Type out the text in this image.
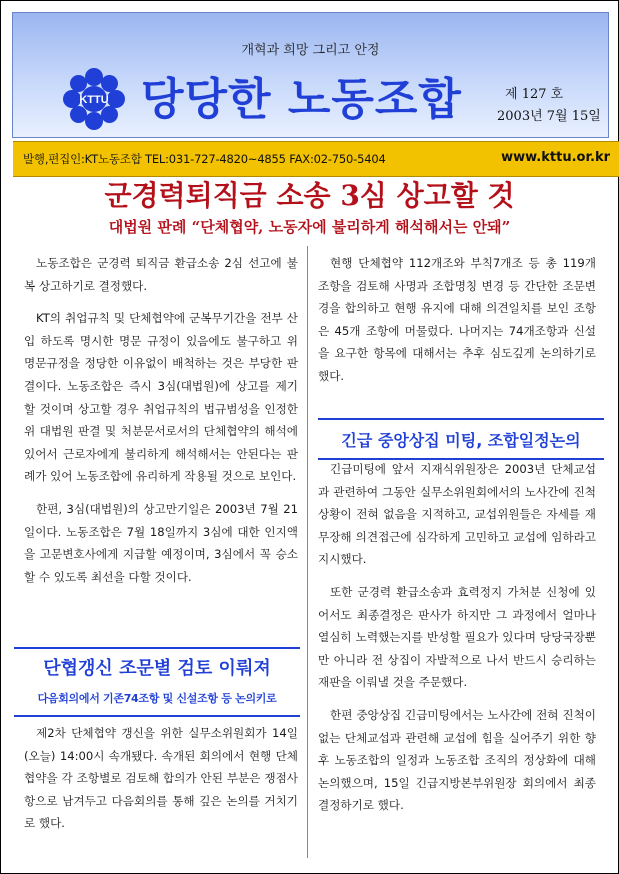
개혁과 희망 그리고 안정
KTTU 당당한 노동조합	제 127 호
2003년 7월 15일
발행,편집인:KT노동조합 TEL:031-727-4820~4855 FAX:02-750-5404	www.kttu.or.kr
군경력퇴직금 소송 3심 상고할 것
대법원 판례 “단체협약, 노동자에 불리하게 해석해서는 안돼”

노동조합은 군경력 퇴직금 환급소송 2심 선고에 불복 상고하기로 결정했다.

KT의 취업규칙 및 단체협약에 군복무기간을 전부 산입 하도록 명시한 명문 규정이 있음에도 불구하고 위 명문규정을 정당한 이유없이 배척하는 것은 부당한 판결이다. 노동조합은 즉시 3심(대법원)에 상고를 제기 할 것이며 상고할 경우 취업규칙의 법규범성을 인정한 위 대법원 판결 및 처분문서로서의 단체협약의 해석에 있어서 근로자에게 불리하게 해석해서는 안된다는 판례가 있어 노동조합에 유리하게 작용될 것으로 보인다.

한편, 3심(대법원)의 상고만기일은 2003년 7월 21일이다. 노동조합은 7월 18일까지 3심에 대한 인지액을 고문변호사에게 지급할 예정이며, 3심에서 꼭 승소할 수 있도록 최선을 다할 것이다.

단협갱신 조문별 검토 이뤄져
다음회의에서 기존74조항 및 신설조항 등 논의키로

제2차 단체협약 갱신을 위한 실무소위원회가 14일(오늘) 14:00시 속개됐다. 속개된 회의에서 현행 단체협약을 각 조항별로 검토해 합의가 안된 부분은 쟁점사항으로 남겨두고 다음회의를 통해 깊은 논의를 거치기로 했다.

현행 단체협약 112개조와 부칙7개조 등 총 119개 조항을 검토해 사명과 조합명칭 변경 등 간단한 조문변경을 합의하고 현행 유지에 대해 의견일치를 보인 조항은 45개 조항에 머물렀다. 나머지는 74개조항과 신설을 요구한 항목에 대해서는 추후 심도깊게 논의하기로 했다.

긴급 중앙상집 미팅, 조합일정논의

긴급미팅에 앞서 지재식위원장은 2003년 단체교섭과 관련하여 그동안 실무소위원회에서의 노사간에 진척상황이 전혀 없음을 지적하고, 교섭위원들은 자세를 재무장해 의견접근에 심각하게 고민하고 교섭에 임하라고 지시했다.

또한 군경력 환급소송과 효력정지 가처분 신청에 있어서도 최종결정은 판사가 하지만 그 과정에서 얼마나 열심히 노력했는지를 반성할 필요가 있다며 당당국장뿐만 아니라 전 상집이 자발적으로 나서 반드시 승리하는 재판을 이뤄낼 것을 주문했다.

한편 중앙상집 긴급미팅에서는 노사간에 전혀 진척이 없는 단체교섭과 관련해 교섭에 힘을 실어주기 위한 향후 노동조합의 일정과 노동조합 조직의 정상화에 대해 논의했으며, 15일 긴급지방본부위원장 회의에서 최종 결정하기로 했다.
